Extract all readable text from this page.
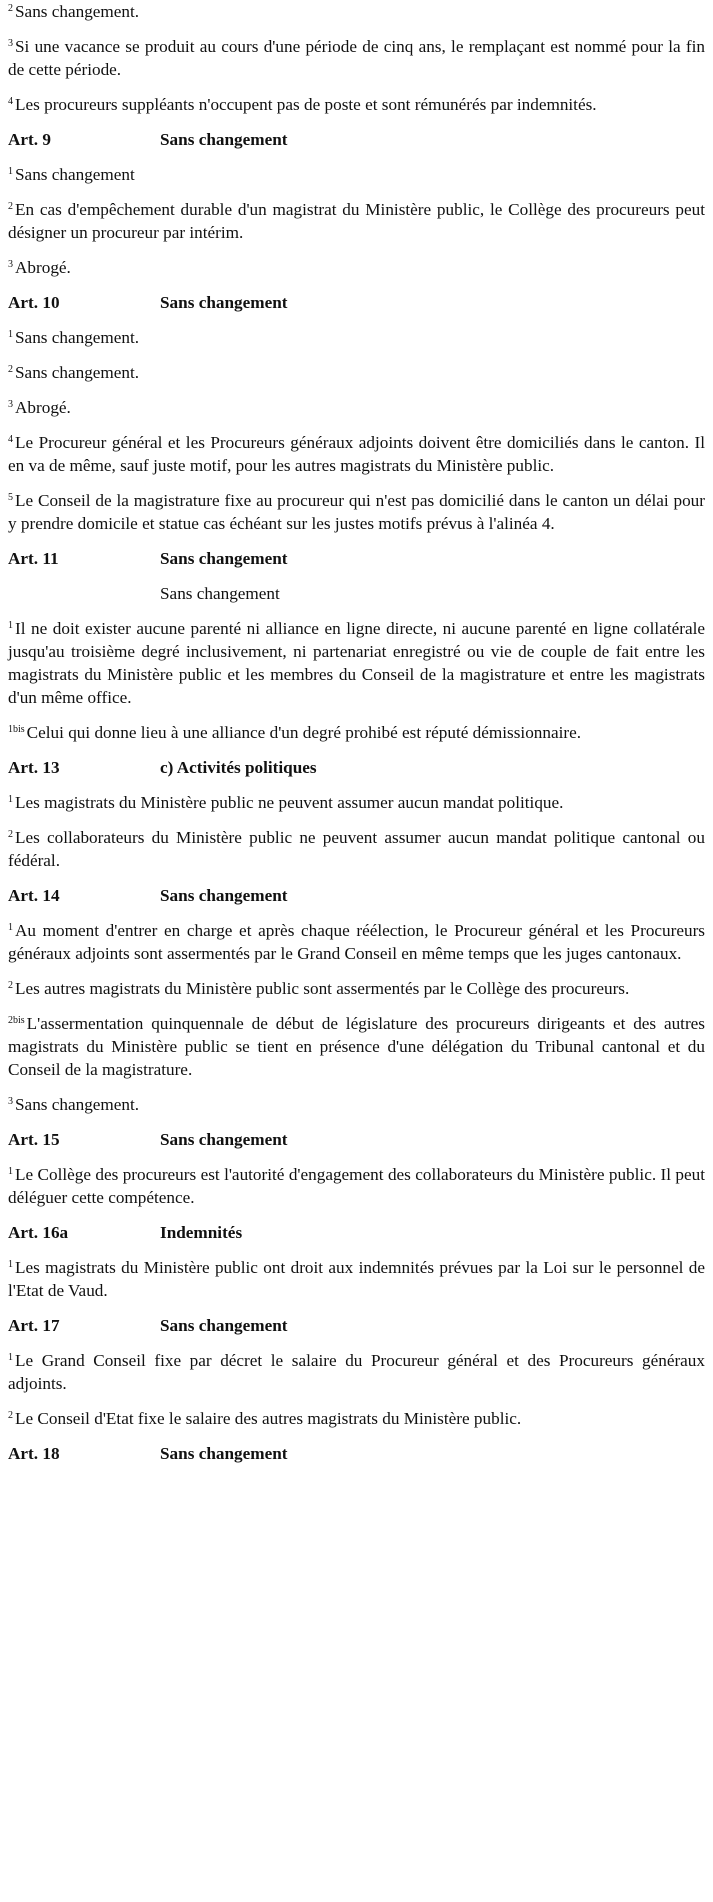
$^2$ Sans changement.

$^3$ Si une vacance se produit au cours d'une période de cinq ans, le remplaçant est nommé pour la fin de cette période.

$^4$ Les procureurs suppléants n'occupent pas de poste et sont rémunérés par indemnités.

Art. 9	Sans changement

$^1$ Sans changement

$^2$ En cas d'empêchement durable d'un magistrat du Ministère public, le Collège des procureurs peut désigner un procureur par intérim.

$^3$ Abrogé.

Art. 10	Sans changement

$^1$ Sans changement.

$^2$ Sans changement.

$^3$ Abrogé.

$^4$ Le Procureur général et les Procureurs généraux adjoints doivent être domiciliés dans le canton. Il en va de même, sauf juste motif, pour les autres magistrats du Ministère public.

$^5$ Le Conseil de la magistrature fixe au procureur qui n'est pas domicilié dans le canton un délai pour y prendre domicile et statue cas échéant sur les justes motifs prévus à l'alinéa 4.

Art. 11	Sans changement
Sans changement

$^1$ Il ne doit exister aucune parenté ni alliance en ligne directe, ni aucune parenté en ligne collatérale jusqu'au troisième degré inclusivement, ni partenariat enregistré ou vie de couple de fait entre les magistrats du Ministère public et les membres du Conseil de la magistrature et entre les magistrats d'un même office.

$^{1bis}$ Celui qui donne lieu à une alliance d'un degré prohibé est réputé démissionnaire.

Art. 13	c) Activités politiques

$^1$ Les magistrats du Ministère public ne peuvent assumer aucun mandat politique.

$^2$ Les collaborateurs du Ministère public ne peuvent assumer aucun mandat politique cantonal ou fédéral.

Art. 14	Sans changement

$^1$ Au moment d'entrer en charge et après chaque réélection, le Procureur général et les Procureurs généraux adjoints sont assermentés par le Grand Conseil en même temps que les juges cantonaux.

$^2$ Les autres magistrats du Ministère public sont assermentés par le Collège des procureurs.

$^{2bis}$ L'assermentation quinquennale de début de législature des procureurs dirigeants et des autres magistrats du Ministère public se tient en présence d'une délégation du Tribunal cantonal et du Conseil de la magistrature.

$^3$ Sans changement.

Art. 15	Sans changement

$^1$ Le Collège des procureurs est l'autorité d'engagement des collaborateurs du Ministère public. Il peut déléguer cette compétence.

Art. 16a	Indemnités

$^1$ Les magistrats du Ministère public ont droit aux indemnités prévues par la Loi sur le personnel de l'Etat de Vaud.

Art. 17	Sans changement

$^1$ Le Grand Conseil fixe par décret le salaire du Procureur général et des Procureurs généraux adjoints.

$^2$ Le Conseil d'Etat fixe le salaire des autres magistrats du Ministère public.

Art. 18	Sans changement
